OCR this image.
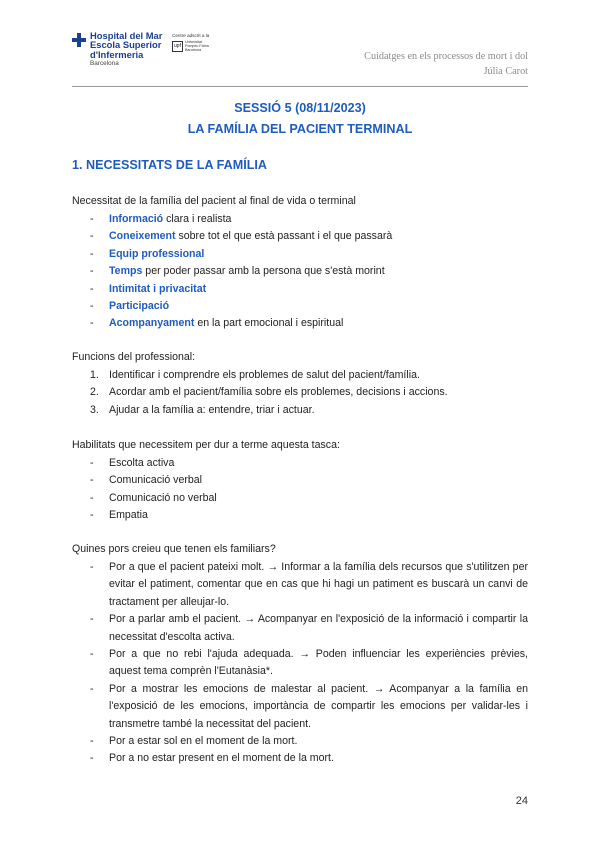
Hospital del Mar
Escola Superior
d'Infermeria
Barcelona
Centre adscrit a la
upf
Universitat
Pompeu Fabra
Barcelona
Cuidatges en els processos de mort i dol
Júlia Carot
SESSIÓ 5 (08/11/2023)
LA FAMÍLIA DEL PACIENT TERMINAL
1. NECESSITATS DE LA FAMÍLIA
Necessitat de la família del pacient al final de vida o terminal
- Informació clara i realista
- Coneixement sobre tot el que està passant i el que passarà
- Equip professional
- Temps per poder passar amb la persona que s'està morint
- Intimitat i privacitat
- Participació
- Acompanyament en la part emocional i espiritual
Funcions del professional:
1. Identificar i comprendre els problemes de salut del pacient/família.
2. Acordar amb el pacient/família sobre els problemes, decisions i accions.
3. Ajudar a la família a: entendre, triar i actuar.
Habilitats que necessitem per dur a terme aquesta tasca:
- Escolta activa
- Comunicació verbal
- Comunicació no verbal
- Empatia
Quines pors creieu que tenen els familiars?
- Por a que el pacient pateixi molt. → Informar a la família dels recursos que s'utilitzen per evitar el patiment, comentar que en cas que hi hagi un patiment es buscarà un canvi de tractament per alleujar-lo.
- Por a parlar amb el pacient. → Acompanyar en l'exposició de la informació i compartir la necessitat d'escolta activa.
- Por a que no rebi l'ajuda adequada. → Poden influenciar les experiències prèvies, aquest tema comprèn l'Eutanàsia*.
- Por a mostrar les emocions de malestar al pacient. → Acompanyar a la família en l'exposició de les emocions, importància de compartir les emocions per validar-les i transmetre també la necessitat del pacient.
- Por a estar sol en el moment de la mort.
- Por a no estar present en el moment de la mort.
24
